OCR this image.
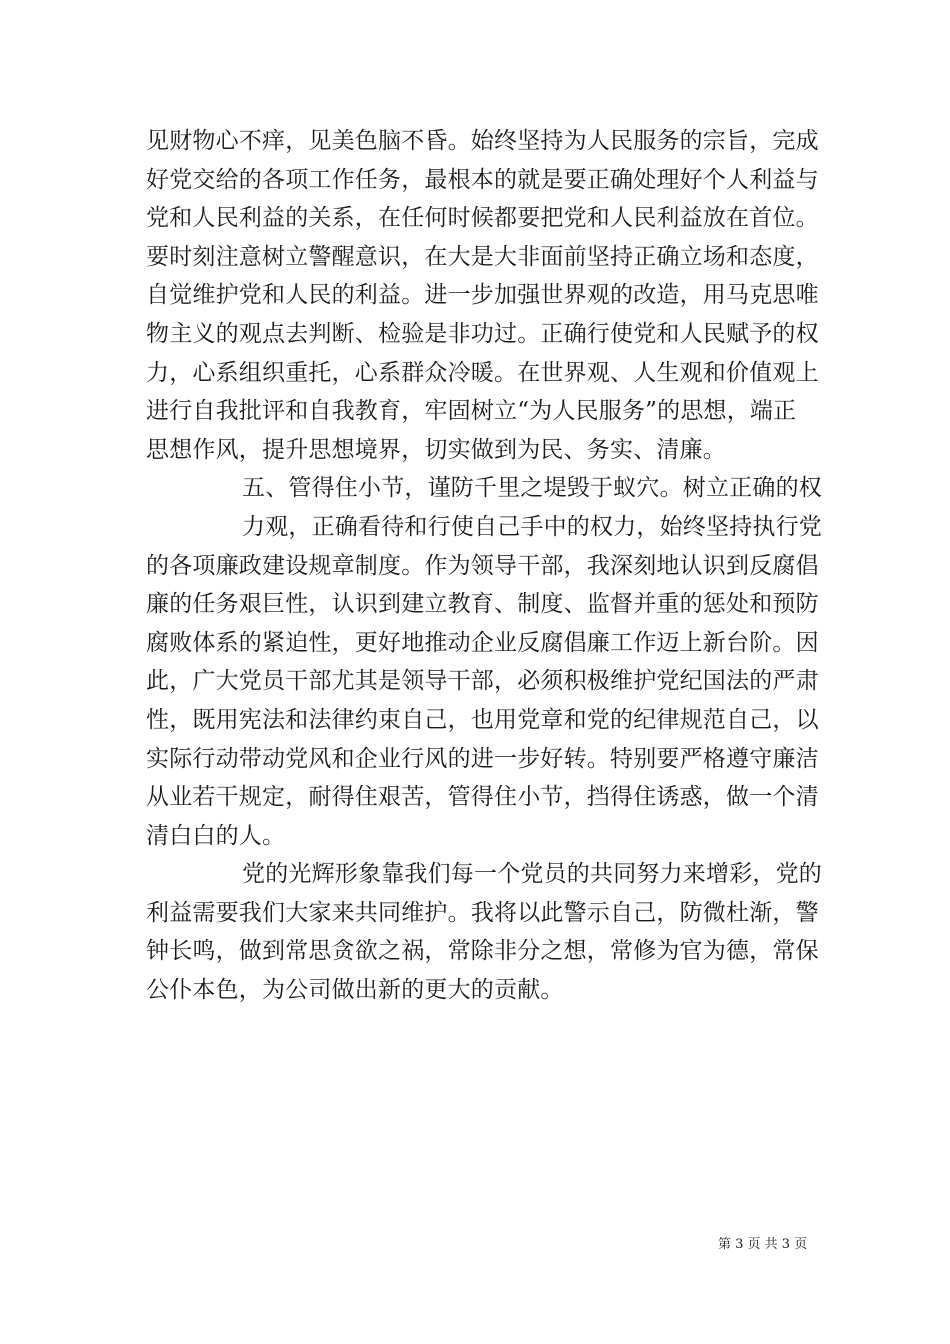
见财物心不痒，见美色脑不昏。始终坚持为人民服务的宗旨，完成
好党交给的各项工作任务，最根本的就是要正确处理好个人利益与
党和人民利益的关系，在任何时候都要把党和人民利益放在首位。
要时刻注意树立警醒意识，在大是大非面前坚持正确立场和态度，
自觉维护党和人民的利益。进一步加强世界观的改造，用马克思唯
物主义的观点去判断、检验是非功过。正确行使党和人民赋予的权
力，心系组织重托，心系群众冷暖。在世界观、人生观和价值观上
进行自我批评和自我教育，牢固树立“为人民服务”的思想，端正
思想作风，提升思想境界，切实做到为民、务实、清廉。
五、管得住小节，谨防千里之堤毁于蚁穴。树立正确的权
力观，正确看待和行使自己手中的权力，始终坚持执行党
的各项廉政建设规章制度。作为领导干部，我深刻地认识到反腐倡
廉的任务艰巨性，认识到建立教育、制度、监督并重的惩处和预防
腐败体系的紧迫性，更好地推动企业反腐倡廉工作迈上新台阶。因
此，广大党员干部尤其是领导干部，必须积极维护党纪国法的严肃
性，既用宪法和法律约束自己，也用党章和党的纪律规范自己，以
实际行动带动党风和企业行风的进一步好转。特别要严格遵守廉洁
从业若干规定，耐得住艰苦，管得住小节，挡得住诱惑，做一个清
清白白的人。
党的光辉形象靠我们每一个党员的共同努力来增彩，党的
利益需要我们大家来共同维护。我将以此警示自己，防微杜渐，警
钟长鸣，做到常思贪欲之祸，常除非分之想，常修为官为德，常保
公仆本色，为公司做出新的更大的贡献。
第 3 页 共 3 页
